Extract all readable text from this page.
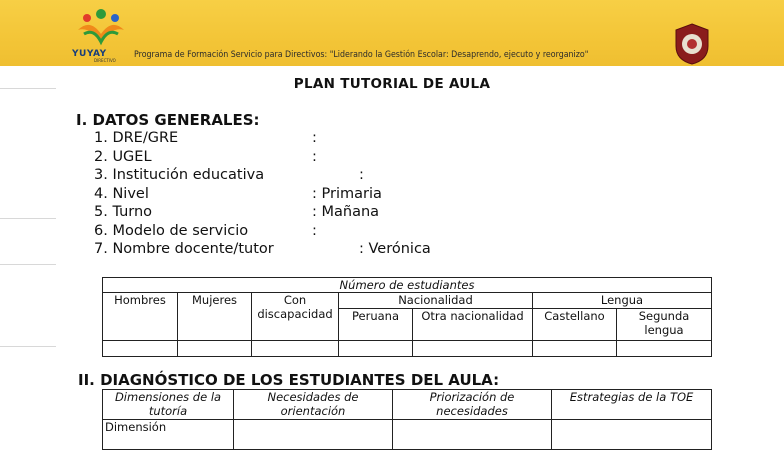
YUYAY
DIRECTIVO
Programa de Formación Servicio para Directivos: "Liderando la Gestión Escolar: Desaprendo, ejecuto y reorganizo"
PLAN TUTORIAL DE AULA
I. DATOS GENERALES:
1. DRE/GRE	:
2. UGEL	:
3. Institución educativa	:
4. Nivel	: Primaria
5. Turno	: Mañana
6. Modelo de servicio	:
7. Nombre docente/tutor	: Verónica
Número de estudiantes						
Hombres	Mujeres	Con discapacidad	Nacionalidad		Lengua	
			Peruana	Otra nacionalidad	Castellano	Segunda lengua

II. DIAGNÓSTICO DE LOS ESTUDIANTES DEL AULA:
Dimensiones de la tutoría	Necesidades de orientación	Priorización de necesidades	Estrategias de la TOE
Dimensión			
